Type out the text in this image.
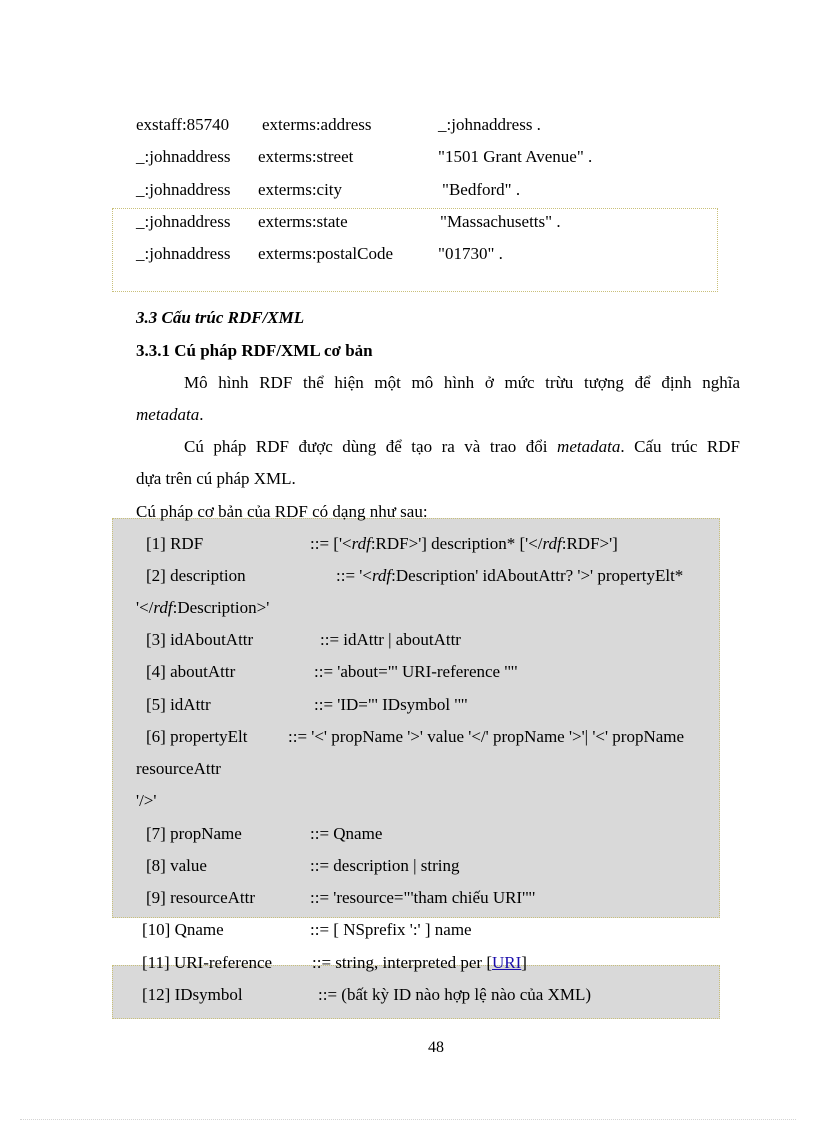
exstaff:85740 exterms:address	_:johnaddress .
_:johnaddress exterms:street	"1501 Grant Avenue" .
_:johnaddress exterms:city	"Bedford" .
_:johnaddress exterms:state	"Massachusetts" .
_:johnaddress exterms:postalCode	"01730" .
3.3 Cấu trúc RDF/XML
3.3.1 Cú pháp RDF/XML cơ bản
Mô hình RDF thể hiện một mô hình ở mức trừu tượng để định nghĩa
metadata.
Cú pháp RDF được dùng để tạo ra và trao đổi metadata. Cấu trúc RDF
dựa trên cú pháp XML.
Cú pháp cơ bản của RDF có dạng như sau:
[1] RDF	::= ['<rdf:RDF>'] description* ['</rdf:RDF>']
[2] description	::= '<rdf:Description' idAboutAttr? '>' propertyElt*
'</rdf:Description>'
[3] idAboutAttr	::= idAttr | aboutAttr
[4] aboutAttr	::= 'about="' URI-reference '"'
[5] idAttr	::= 'ID="' IDsymbol '"'
[6] propertyElt ::= '<' propName '>' value '</' propName '>'| '<' propName
resourceAttr
'/>'
[7] propName	::= Qname
[8] value	::= description | string
[9] resourceAttr	::= 'resource="'tham chiếu URI'"'
[10] Qname	::= [ NSprefix ':' ] name
[11] URI-reference ::= string, interpreted per [URI]
[12] IDsymbol	::= (bất kỳ ID nào hợp lệ nào của XML)
48
